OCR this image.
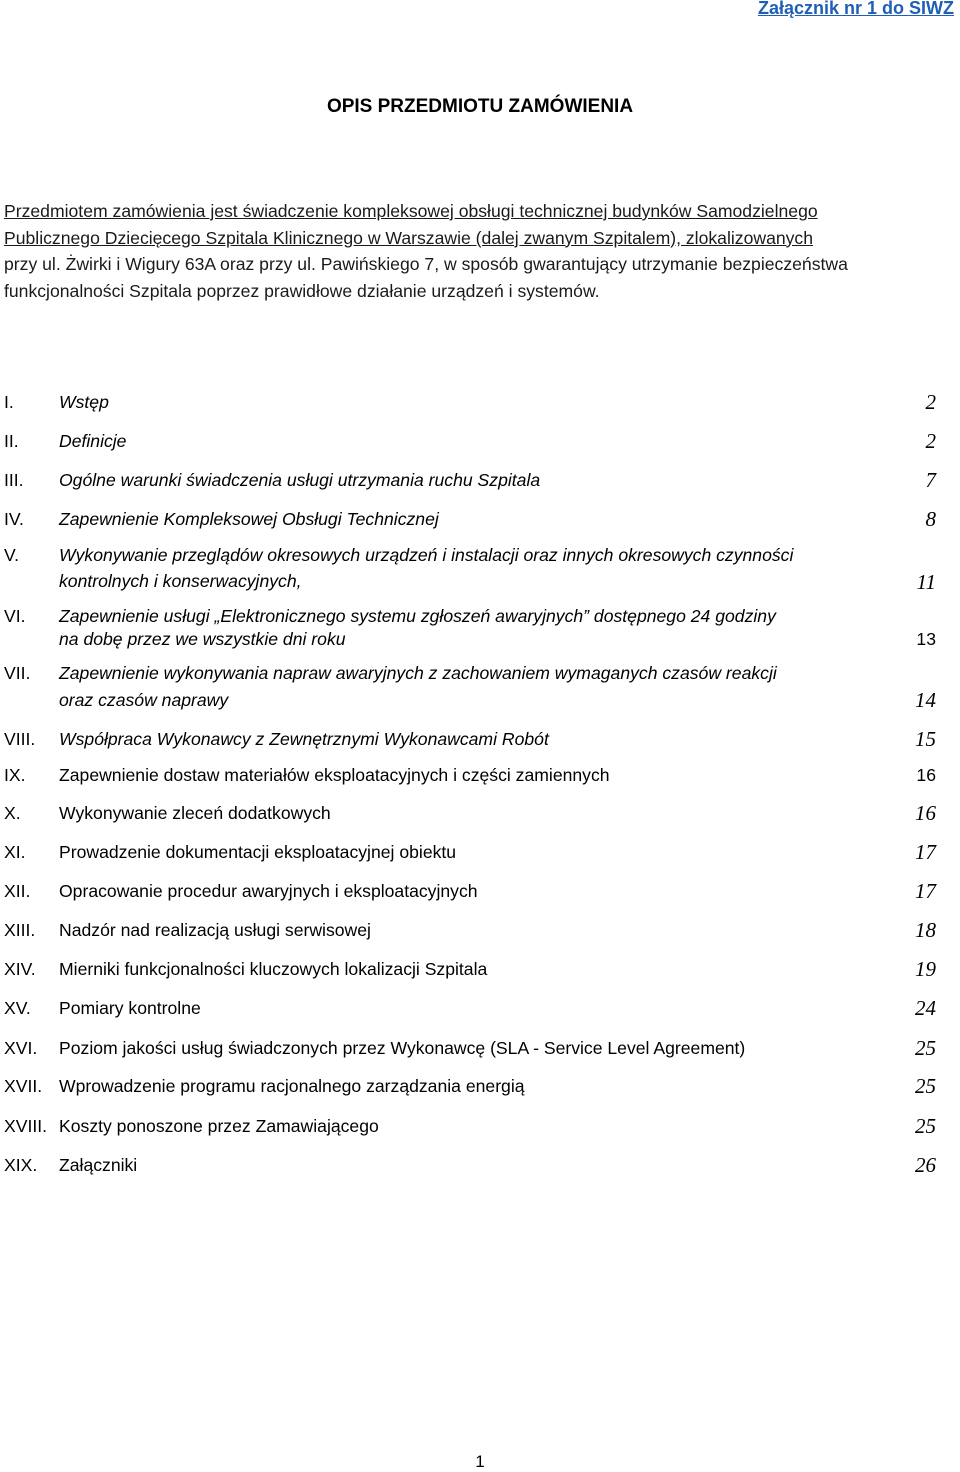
Załącznik nr 1 do SIWZ
OPIS PRZEDMIOTU ZAMÓWIENIA
Przedmiotem zamówienia jest świadczenie kompleksowej obsługi technicznej budynków Samodzielnego
Publicznego Dziecięcego Szpitala Klinicznego w Warszawie (dalej zwanym Szpitalem), zlokalizowanych
przy ul. Żwirki i Wigury 63A oraz przy ul. Pawińskiego 7, w sposób gwarantujący utrzymanie bezpieczeństwa
funkcjonalności Szpitala poprzez prawidłowe działanie urządzeń i systemów.
I.	Wstęp	2
II. Definicje	2
III. Ogólne warunki świadczenia usługi utrzymania ruchu Szpitala	7
IV. Zapewnienie Kompleksowej Obsługi Technicznej	8
V. Wykonywanie przeglądów okresowych urządzeń i instalacji oraz innych okresowych czynności
kontrolnych i konserwacyjnych,	11
VI. Zapewnienie usługi „Elektronicznego systemu zgłoszeń awaryjnych” dostępnego 24 godziny
na dobę przez we wszystkie dni roku	13
VII. Zapewnienie wykonywania napraw awaryjnych z zachowaniem wymaganych czasów reakcji
oraz czasów naprawy	14
VIII. Współpraca Wykonawcy z Zewnętrznymi Wykonawcami Robót	15
IX. Zapewnienie dostaw materiałów eksploatacyjnych i części zamiennych	16
X. Wykonywanie zleceń dodatkowych	16
XI. Prowadzenie dokumentacji eksploatacyjnej obiektu	17
XII. Opracowanie procedur awaryjnych i eksploatacyjnych	17
XIII. Nadzór nad realizacją usługi serwisowej	18
XIV. Mierniki funkcjonalności kluczowych lokalizacji Szpitala	19
XV. Pomiary kontrolne	24
XVI. Poziom jakości usług świadczonych przez Wykonawcę (SLA - Service Level Agreement)	25
XVII. Wprowadzenie programu racjonalnego zarządzania energią	25
XVIII. Koszty ponoszone przez Zamawiającego	25
XIX. Załączniki	26
1
